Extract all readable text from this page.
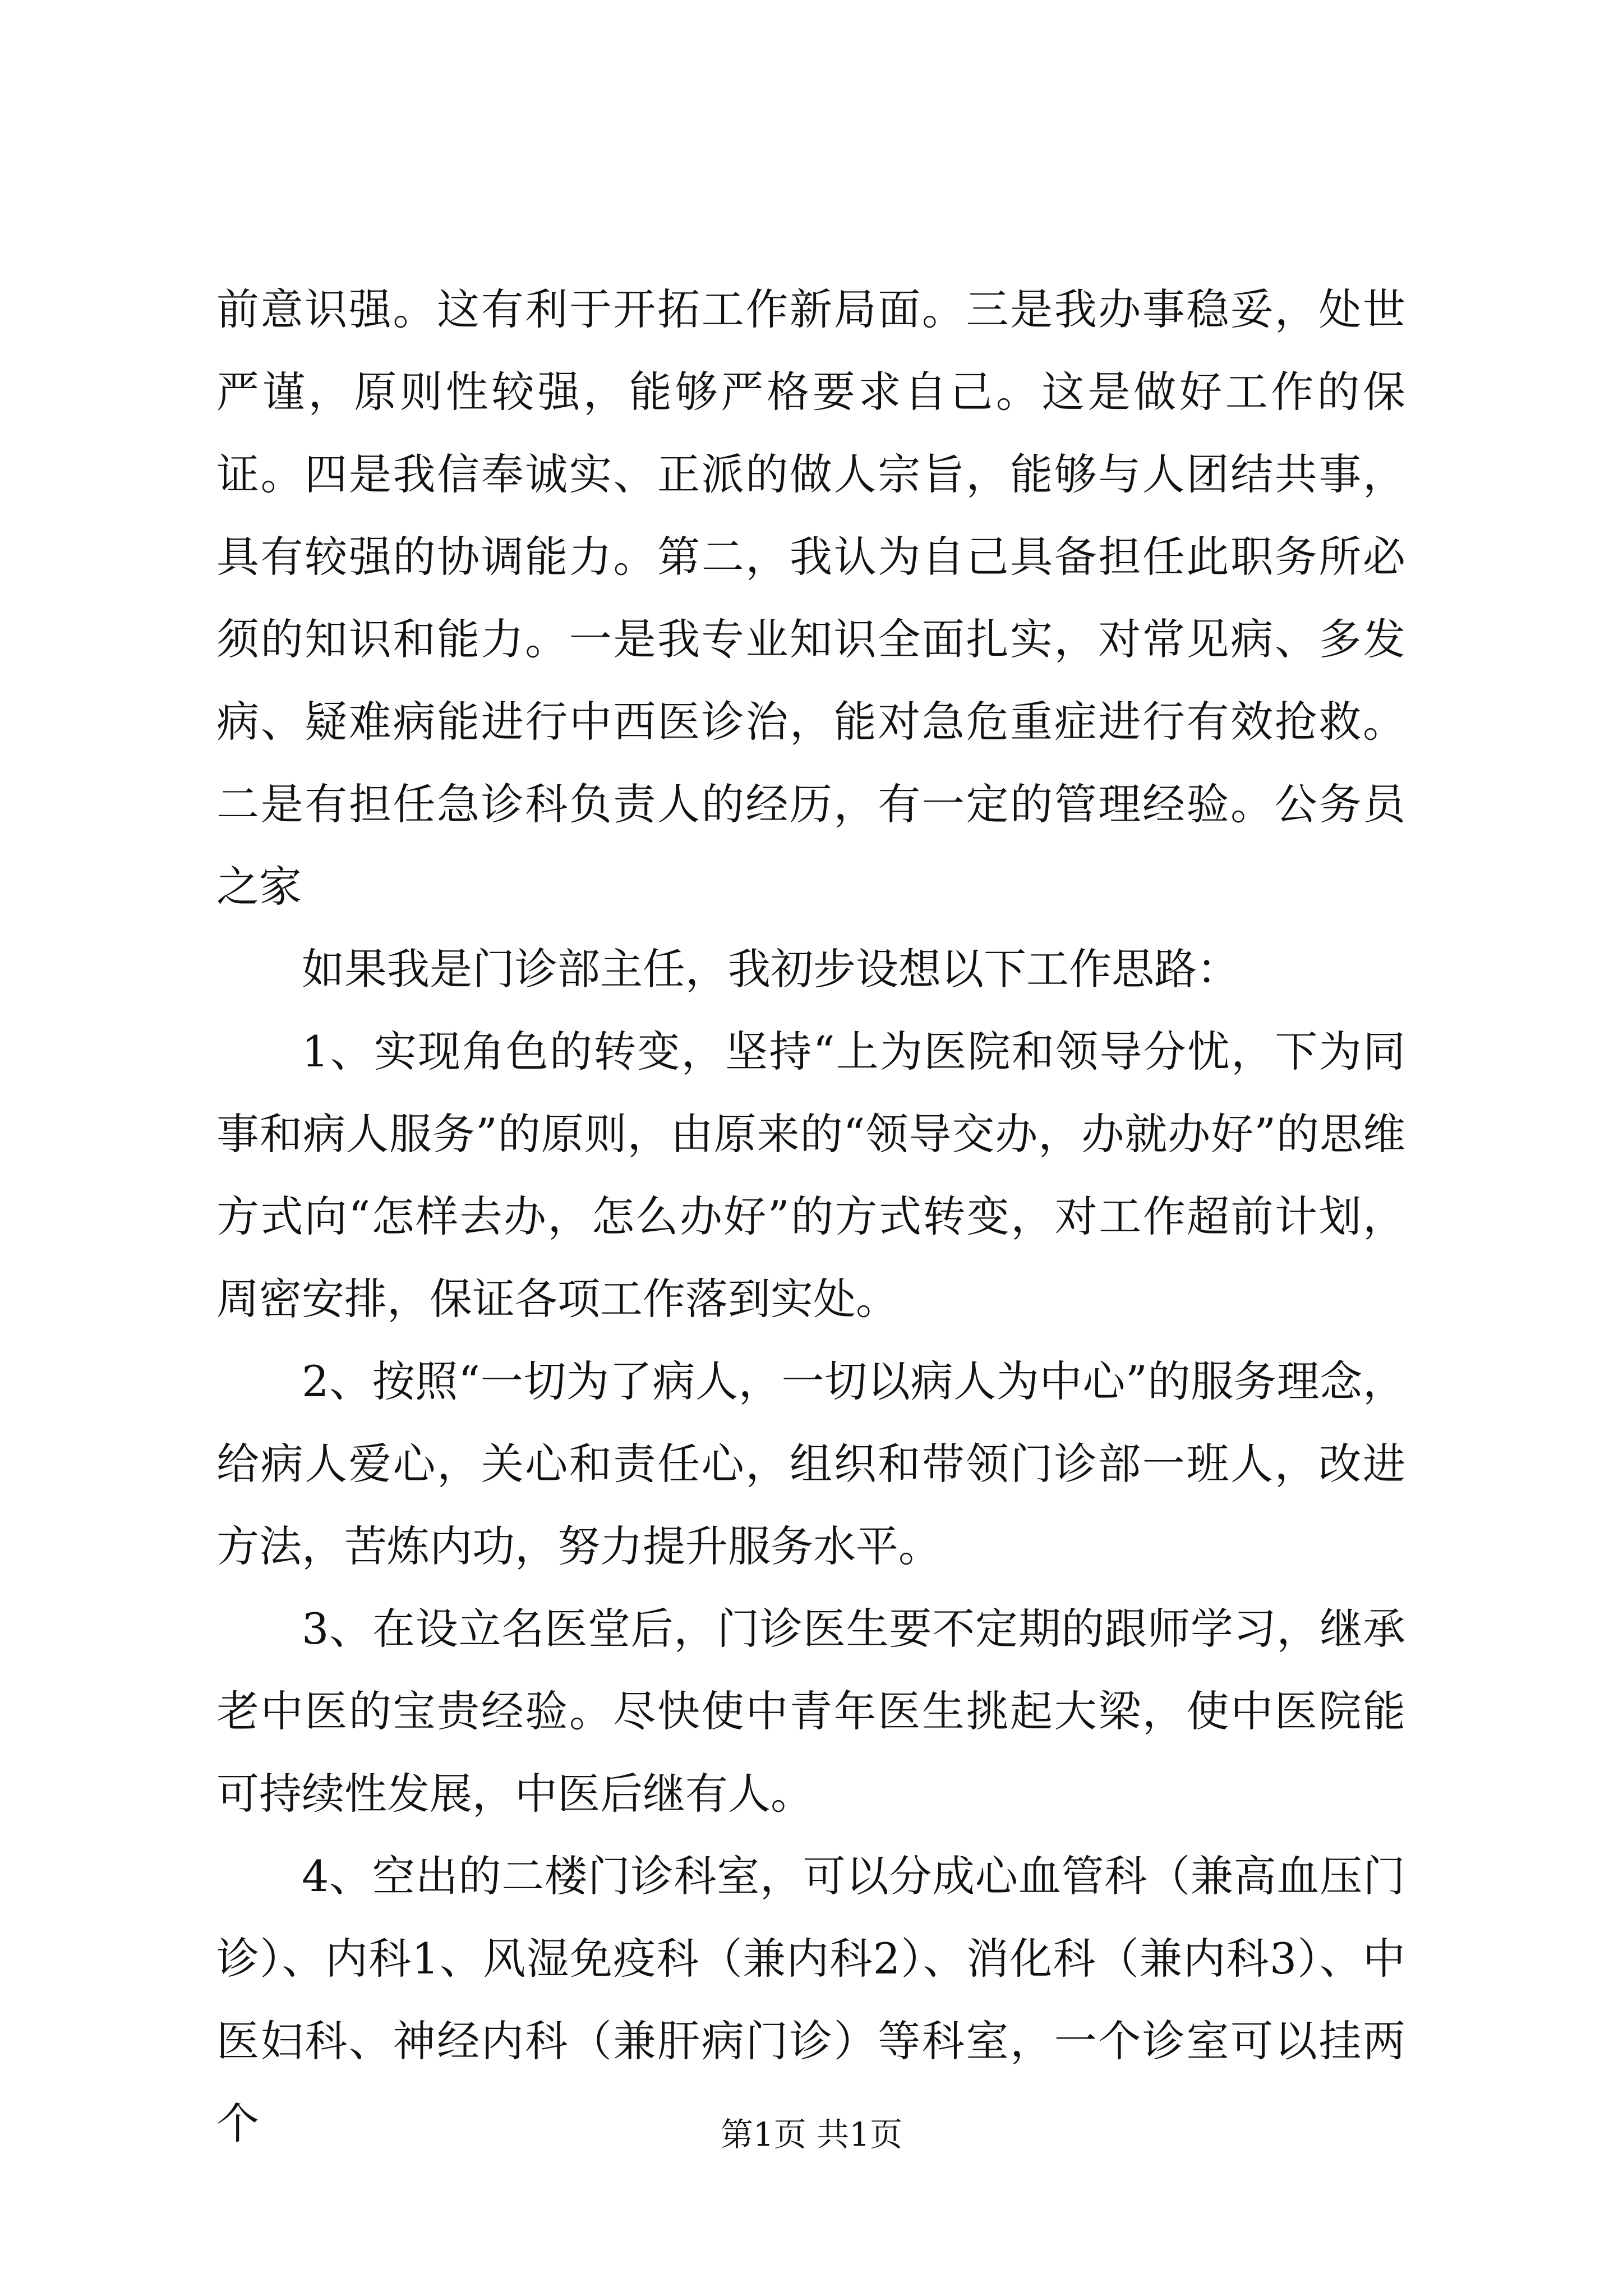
前意识强。这有利于开拓工作新局面。三是我办事稳妥，处世严谨，原则性较强，能够严格要求自己。这是做好工作的保证。四是我信奉诚实、正派的做人宗旨，能够与人团结共事，具有较强的协调能力。第二，我认为自己具备担任此职务所必须的知识和能力。一是我专业知识全面扎实，对常见病、多发病、疑难病能进行中西医诊治，能对急危重症进行有效抢救。二是有担任急诊科负责人的经历，有一定的管理经验。公务员之家

如果我是门诊部主任，我初步设想以下工作思路：

1、实现角色的转变，坚持“上为医院和领导分忧，下为同事和病人服务”的原则，由原来的“领导交办，办就办好”的思维方式向“怎样去办，怎么办好”的方式转变，对工作超前计划，周密安排，保证各项工作落到实处。

2、按照“一切为了病人，一切以病人为中心”的服务理念，给病人爱心，关心和责任心，组织和带领门诊部一班人，改进方法，苦炼内功，努力提升服务水平。

3、在设立名医堂后，门诊医生要不定期的跟师学习，继承老中医的宝贵经验。尽快使中青年医生挑起大梁，使中医院能可持续性发展，中医后继有人。

4、空出的二楼门诊科室，可以分成心血管科（兼高血压门诊）、内科1、风湿免疫科（兼内科2）、消化科（兼内科3）、中医妇科、神经内科（兼肝病门诊）等科室，一个诊室可以挂两个	第1页 共1页
